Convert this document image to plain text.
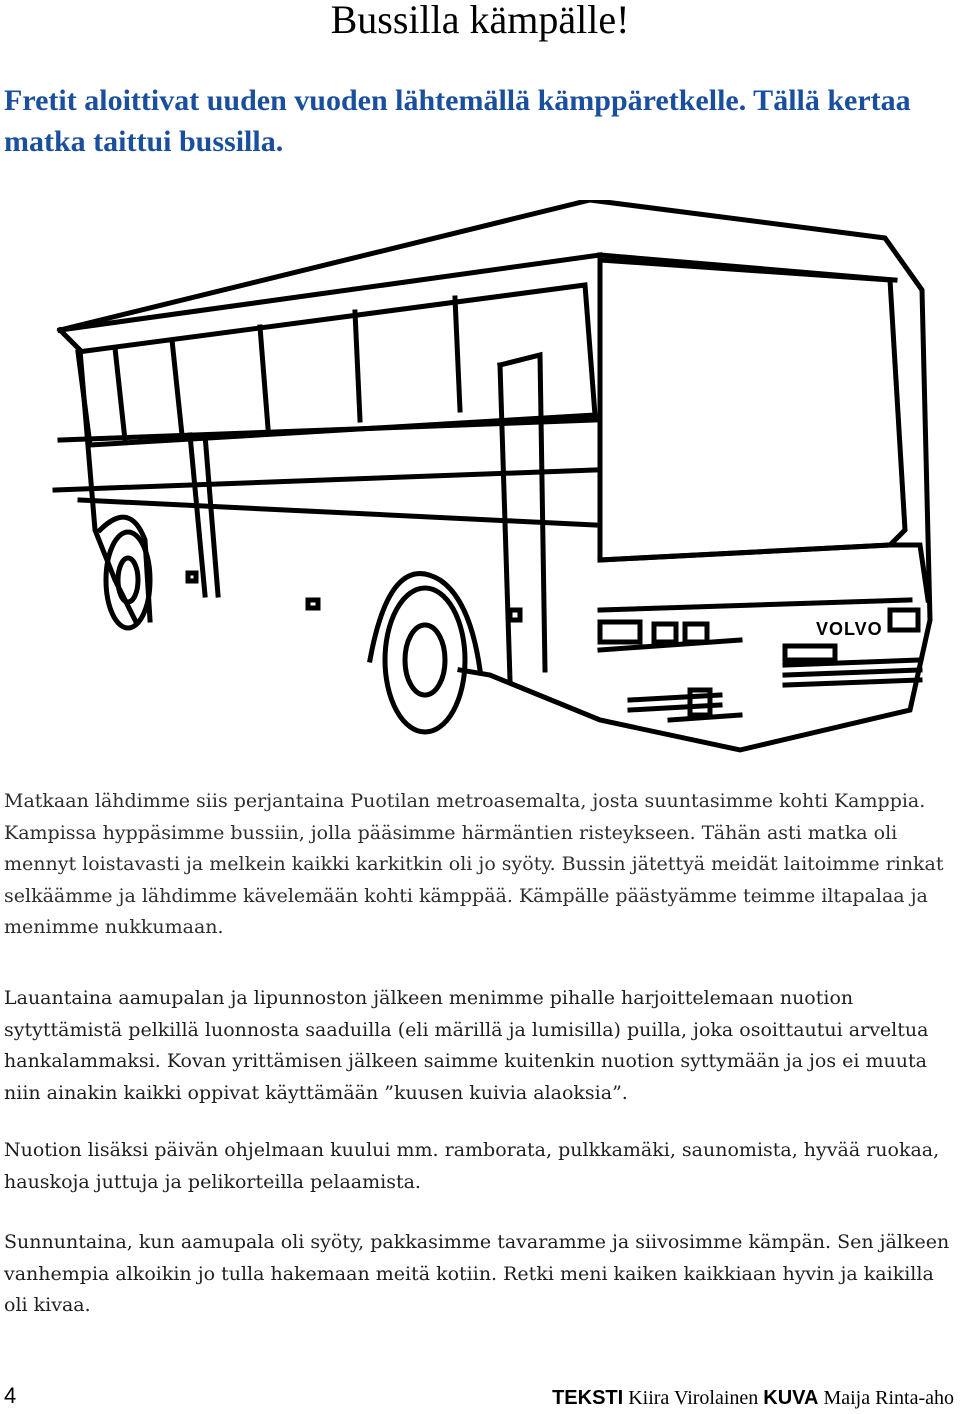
Bussilla kämpälle!
Fretit aloittivat uuden vuoden lähtemällä kämppäretkelle. Tällä kertaa matka taittui bussilla.
VOLVO

Matkaan lähdimme siis perjantaina Puotilan metroasemalta, josta suuntasimme kohti Kamppia. Kampissa hyppäsimme bussiin, jolla pääsimme härmäntien risteykseen. Tähän asti matka oli mennyt loistavasti ja melkein kaikki karkitkin oli jo syöty. Bussin jätettyä meidät laitoimme rinkat selkäämme ja lähdimme kävelemään kohti kämppää. Kämpälle päästyämme teimme iltapalaa ja menimme nukkumaan.

Lauantaina aamupalan ja lipunnoston jälkeen menimme pihalle harjoittelemaan nuotion sytyttämistä pelkillä luonnosta saaduilla (eli märillä ja lumisilla) puilla, joka osoittautui arveltua hankalammaksi. Kovan yrittämisen jälkeen saimme kuitenkin nuotion syttymään ja jos ei muuta niin ainakin kaikki oppivat käyttämään ”kuusen kuivia alaoksia”.

Nuotion lisäksi päivän ohjelmaan kuului mm. ramborata, pulkkamäki, saunomista, hyvää ruokaa, hauskoja juttuja ja pelikorteilla pelaamista.

Sunnuntaina, kun aamupala oli syöty, pakkasimme tavaramme ja siivosimme kämpän. Sen jälkeen vanhempia alkoikin jo tulla hakemaan meitä kotiin. Retki meni kaiken kaikkiaan hyvin ja kaikilla oli kivaa.

4	TEKSTI Kiira Virolainen KUVA Maija Rinta-aho
